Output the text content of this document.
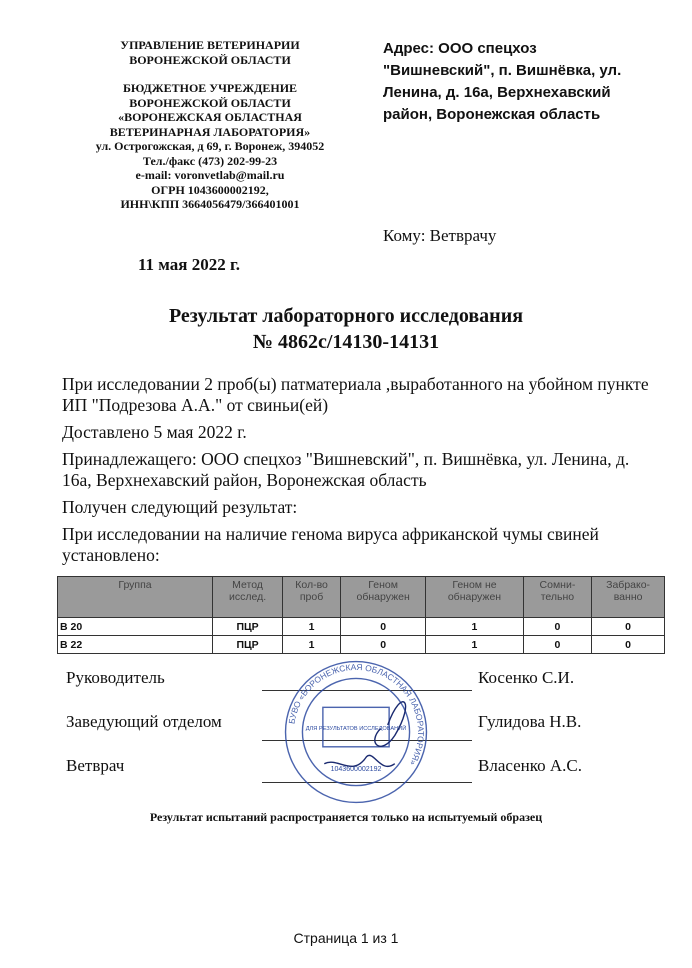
УПРАВЛЕНИЕ ВЕТЕРИНАРИИ
ВОРОНЕЖСКОЙ ОБЛАСТИ
БЮДЖЕТНОЕ УЧРЕЖДЕНИЕ
ВОРОНЕЖСКОЙ ОБЛАСТИ
«ВОРОНЕЖСКАЯ ОБЛАСТНАЯ
ВЕТЕРИНАРНАЯ ЛАБОРАТОРИЯ»
ул. Острогожская, д 69, г. Воронеж, 394052
Тел./факс (473) 202-99-23
e-mail: voronvetlab@mail.ru
ОГРН 1043600002192,
ИНН\КПП 3664056479/366401001
Адрес: ООО спецхоз "Вишневский", п. Вишнёвка, ул. Ленина, д. 16а, Верхнехавский район, Воронежская область
Кому: Ветврачу
11 мая 2022 г.
Результат лабораторного исследования
№ 4862с/14130-14131

При исследовании 2 проб(ы) патматериала ,выработанного на убойном пункте ИП "Подрезова А.А." от свиньи(ей)

Доставлено 5 мая 2022 г.

Принадлежащего: ООО спецхоз "Вишневский", п. Вишнёвка, ул. Ленина, д. 16а, Верхнехавский район, Воронежская область

Получен следующий результат:

При исследовании на наличие генома вируса африканской чумы свиней установлено:

Группа	Метод исслед.	Кол-во проб	Геном обнаружен	Геном не обнаружен	Сомни-тельно	Забрако-ванно
В 20	ПЦР	1	0	1	0	0
В 22	ПЦР	1	0	1	0	0
Руководитель	Косенко С.И.
Заведующий отделом	Гулидова Н.В.
Ветврач	Власенко А.С.
БУВО «ВОРОНЕЖСКАЯ ОБЛАСТНАЯ ЛАБОРАТОРИЯ»
ДЛЯ РЕЗУЛЬТАТОВ ИССЛЕДОВАНИЙ
1043600002192
Результат испытаний распространяется только на испытуемый образец
Страница 1 из 1
